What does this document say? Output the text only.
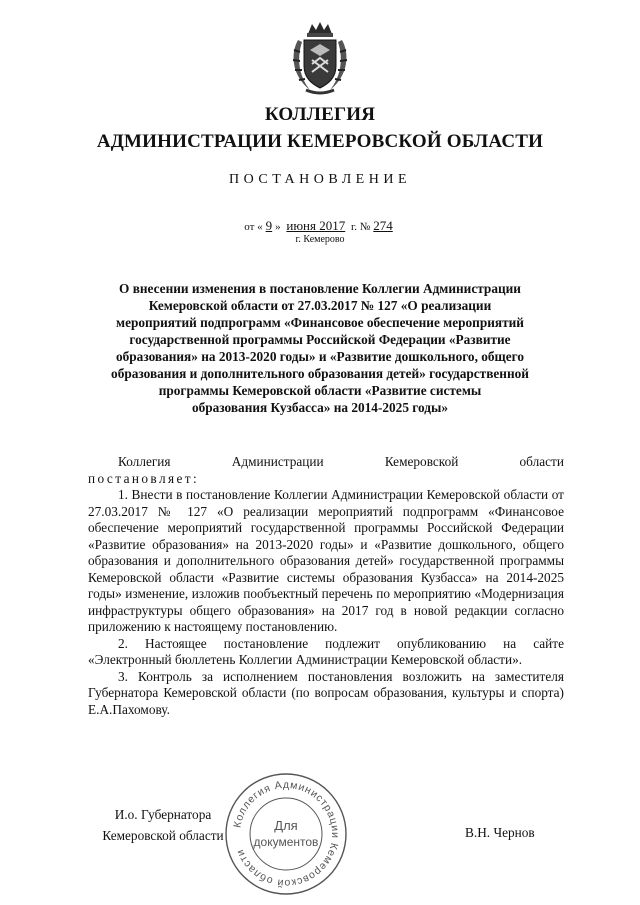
КОЛЛЕГИЯ
АДМИНИСТРАЦИИ КЕМЕРОВСКОЙ ОБЛАСТИ
ПОСТАНОВЛЕНИЕ
от « 9 » июня 2017 г. № 274
г. Кемерово
О внесении изменения в постановление Коллегии Администрации
Кемеровской области от 27.03.2017 № 127 «О реализации
мероприятий подпрограмм «Финансовое обеспечение мероприятий
государственной программы Российской Федерации «Развитие
образования» на 2013-2020 годы» и «Развитие дошкольного, общего
образования и дополнительного образования детей» государственной
программы Кемеровской области «Развитие системы
образования Кузбасса» на 2014-2025 годы»

Коллегия Администрации Кемеровской области

постановляет:

1. Внести в постановление Коллегии Администрации Кемеровской области от 27.03.2017 № 127 «О реализации мероприятий подпрограмм «Финансовое обеспечение мероприятий государственной программы Российской Федерации «Развитие образования» на 2013-2020 годы» и «Развитие дошкольного, общего образования и дополнительного образования детей» государственной программы Кемеровской области «Развитие системы образования Кузбасса» на 2014-2025 годы» изменение, изложив пообъектный перечень по мероприятию «Модернизация инфраструктуры общего образования» на 2017 год в новой редакции согласно приложению к настоящему постановлению.

2. Настоящее постановление подлежит опубликованию на сайте «Электронный бюллетень Коллегии Администрации Кемеровской области».

3. Контроль за исполнением постановления возложить на заместителя Губернатора Кемеровской области (по вопросам образования, культуры и спорта) Е.А.Пахомову.

И.о. Губернатора
Кемеровской области	В.Н. Чернов
Коллегия Администрации Кемеровской области
Для
документов
